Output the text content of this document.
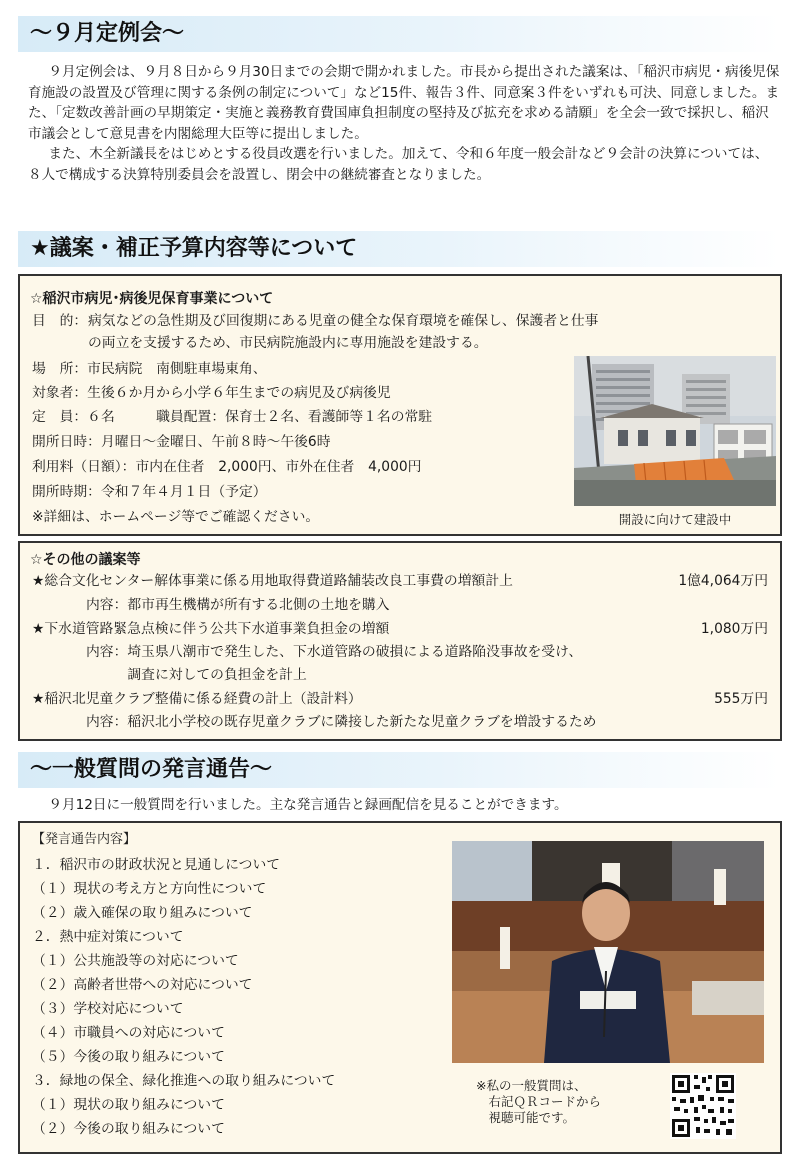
～９月定例会～

９月定例会は、９月８日から９月30日までの会期で開かれました。市長から提出された議案は、「稲沢市病児・病後児保育施設の設置及び管理に関する条例の制定について」など15件、報告３件、同意案３件をいずれも可決、同意しました。また、「定数改善計画の早期策定・実施と義務教育費国庫負担制度の堅持及び拡充を求める請願」を全会一致で採択し、稲沢市議会として意見書を内閣総理大臣等に提出しました。

また、木全新議長をはじめとする役員改選を行いました。加えて、令和６年度一般会計など９会計の決算については、８人で構成する決算特別委員会を設置し、閉会中の継続審査となりました。

★議案・補正予算内容等について
☆稲沢市病児･病後児保育事業について
目　的： 病気などの急性期及び回復期にある児童の健全な保育環境を確保し、保護者と仕事
の両立を支援するため、市民病院施設内に専用施設を建設する。
場　所：市民病院　南側駐車場東角、
対象者：生後６か月から小学６年生までの病児及び病後児
定　員：６名　　　職員配置：保育士２名、看護師等１名の常駐
開所日時：月曜日～金曜日、午前８時～午後6時
利用料（日額）：市内在住者　2,000円、市外在住者　4,000円
開所時期：令和７年４月１日（予定）
※詳細は、ホームページ等でご確認ください。	開設に向けて建設中
☆その他の議案等
★総合文化センター解体事業に係る用地取得費道路舗装改良工事費の増額計上	1億4,064万円
内容：都市再生機構が所有する北側の土地を購入
★下水道管路緊急点検に伴う公共下水道事業負担金の増額	1,080万円
内容：埼玉県八潮市で発生した、下水道管路の破損による道路陥没事故を受け、
　　　調査に対しての負担金を計上
★稲沢北児童クラブ整備に係る経費の計上（設計料）	555万円
内容：稲沢北小学校の既存児童クラブに隣接した新たな児童クラブを増設するため
～一般質問の発言通告～

９月12日に一般質問を行いました。主な発言通告と録画配信を見ることができます。

【発言通告内容】
１．稲沢市の財政状況と見通しについて
（１）現状の考え方と方向性について
（２）歳入確保の取り組みについて
２．熱中症対策について
（１）公共施設等の対応について
（２）高齢者世帯への対応について
（３）学校対応について
（４）市職員への対応について
（５）今後の取り組みについて
３．緑地の保全、緑化推進への取り組みについて
（１）現状の取り組みについて
（２）今後の取り組みについて
※私の一般質問は、
　右記ＱＲコードから
　視聴可能です。
